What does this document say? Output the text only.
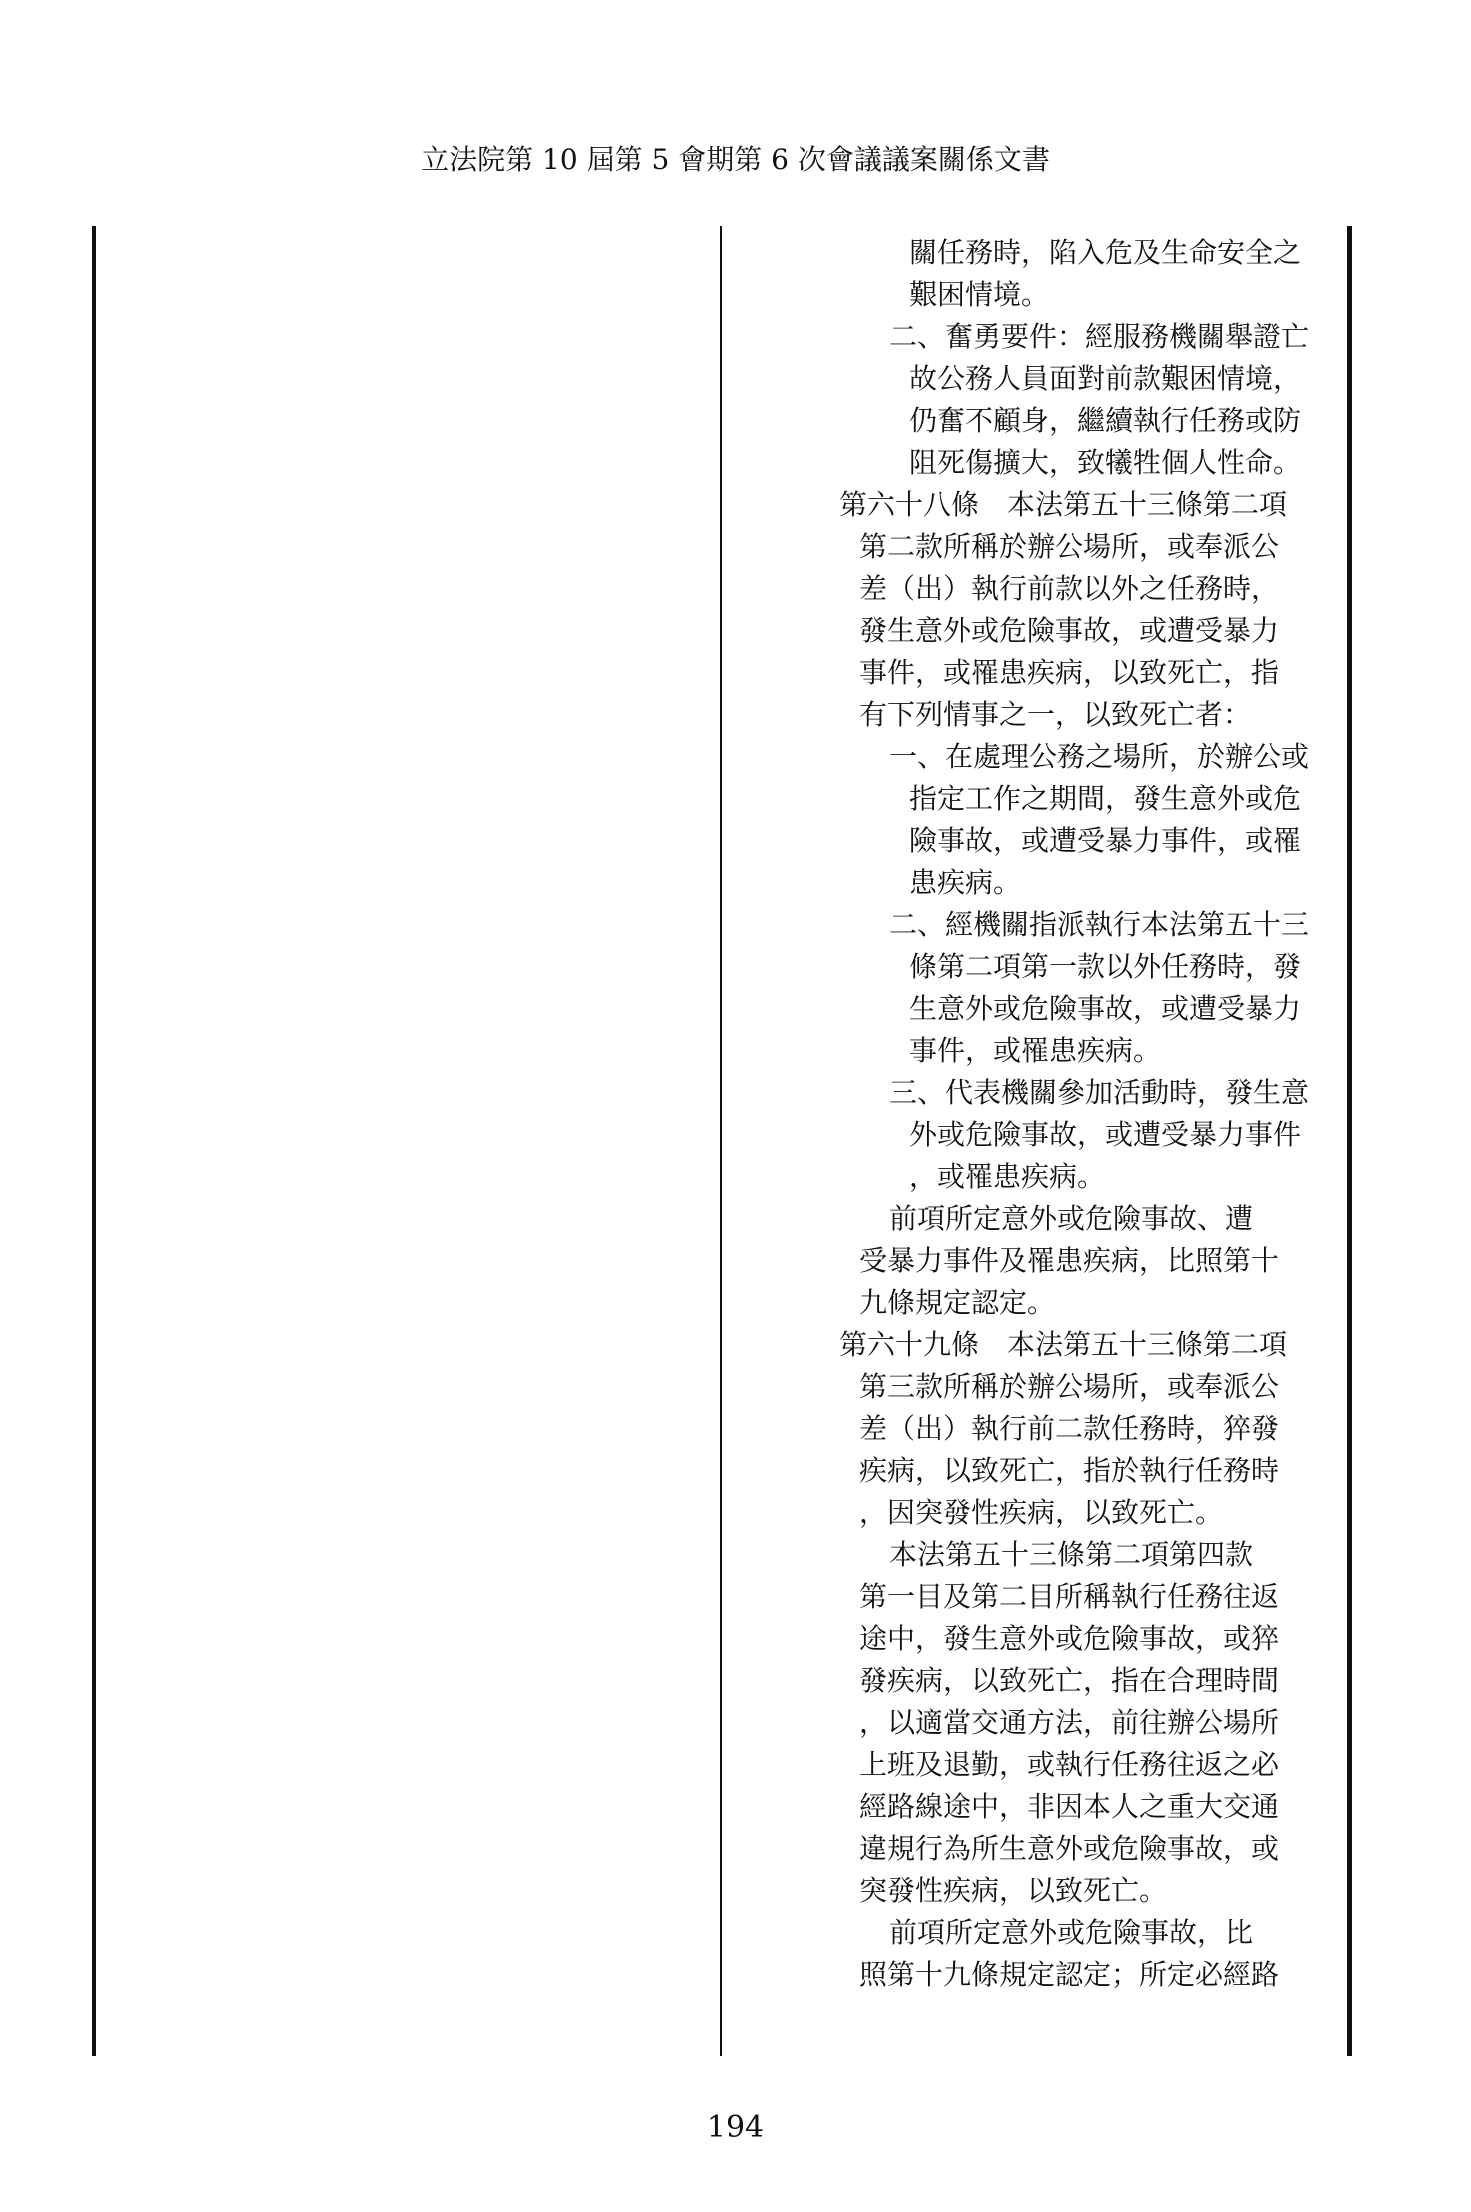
立法院第 10 屆第 5 會期第 6 次會議議案關係文書
關任務時，陷入危及生命安全之
艱困情境。
二、奮勇要件：經服務機關舉證亡
故公務人員面對前款艱困情境，
仍奮不顧身，繼續執行任務或防
阻死傷擴大，致犧牲個人性命。
第六十八條　本法第五十三條第二項
第二款所稱於辦公場所，或奉派公
差（出）執行前款以外之任務時，
發生意外或危險事故，或遭受暴力
事件，或罹患疾病，以致死亡，指
有下列情事之一，以致死亡者：
一、在處理公務之場所，於辦公或
指定工作之期間，發生意外或危
險事故，或遭受暴力事件，或罹
患疾病。
二、經機關指派執行本法第五十三
條第二項第一款以外任務時，發
生意外或危險事故，或遭受暴力
事件，或罹患疾病。
三、代表機關參加活動時，發生意
外或危險事故，或遭受暴力事件
，或罹患疾病。
前項所定意外或危險事故、遭
受暴力事件及罹患疾病，比照第十
九條規定認定。
第六十九條　本法第五十三條第二項
第三款所稱於辦公場所，或奉派公
差（出）執行前二款任務時，猝發
疾病，以致死亡，指於執行任務時
，因突發性疾病，以致死亡。
本法第五十三條第二項第四款
第一目及第二目所稱執行任務往返
途中，發生意外或危險事故，或猝
發疾病，以致死亡，指在合理時間
，以適當交通方法，前往辦公場所
上班及退勤，或執行任務往返之必
經路線途中，非因本人之重大交通
違規行為所生意外或危險事故，或
突發性疾病，以致死亡。
前項所定意外或危險事故，比
照第十九條規定認定；所定必經路
194
